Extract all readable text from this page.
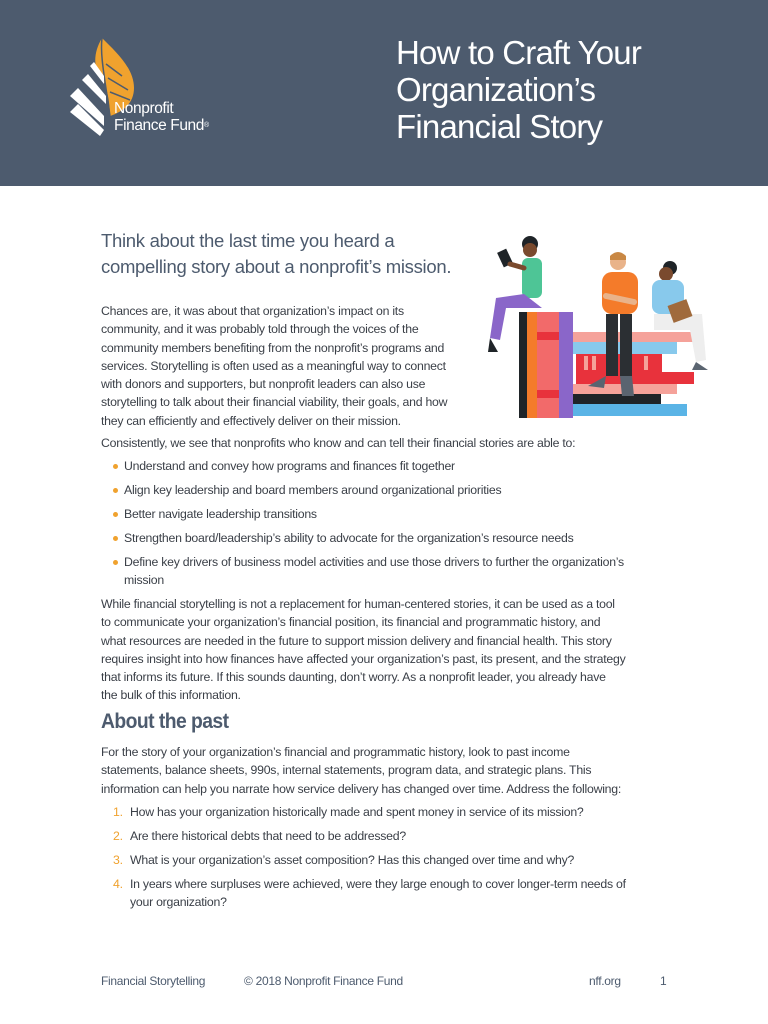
Nonprofit
Finance Fund®
How to Craft Your
Organization’s
Financial Story
Think about the last time you heard a
compelling story about a nonprofit’s mission.

Chances are, it was about that organization’s impact on its
community, and it was probably told through the voices of the
community members benefiting from the nonprofit’s programs and
services. Storytelling is often used as a meaningful way to connect
with donors and supporters, but nonprofit leaders can also use
storytelling to talk about their financial viability, their goals, and how
they can efficiently and effectively deliver on their mission.

Consistently, we see that nonprofits who know and can tell their financial stories are able to:

Understand and convey how programs and finances fit together
Align key leadership and board members around organizational priorities
Better navigate leadership transitions
Strengthen board/leadership’s ability to advocate for the organization’s resource needs
Define key drivers of business model activities and use those drivers to further the organization’s
mission

While financial storytelling is not a replacement for human-centered stories, it can be used as a tool
to communicate your organization’s financial position, its financial and programmatic history, and
what resources are needed in the future to support mission delivery and financial health. This story
requires insight into how finances have affected your organization’s past, its present, and the strategy
that informs its future. If this sounds daunting, don’t worry. As a nonprofit leader, you already have
the bulk of this information.

About the past

For the story of your organization’s financial and programmatic history, look to past income
statements, balance sheets, 990s, internal statements, program data, and strategic plans. This
information can help you narrate how service delivery has changed over time. Address the following:

1. How has your organization historically made and spent money in service of its mission?
2. Are there historical debts that need to be addressed?
3. What is your organization’s asset composition? Has this changed over time and why?
4. In years where surpluses were achieved, were they large enough to cover longer-term needs of
your organization?
Financial Storytelling	© 2018 Nonprofit Finance Fund	nff.org	1
